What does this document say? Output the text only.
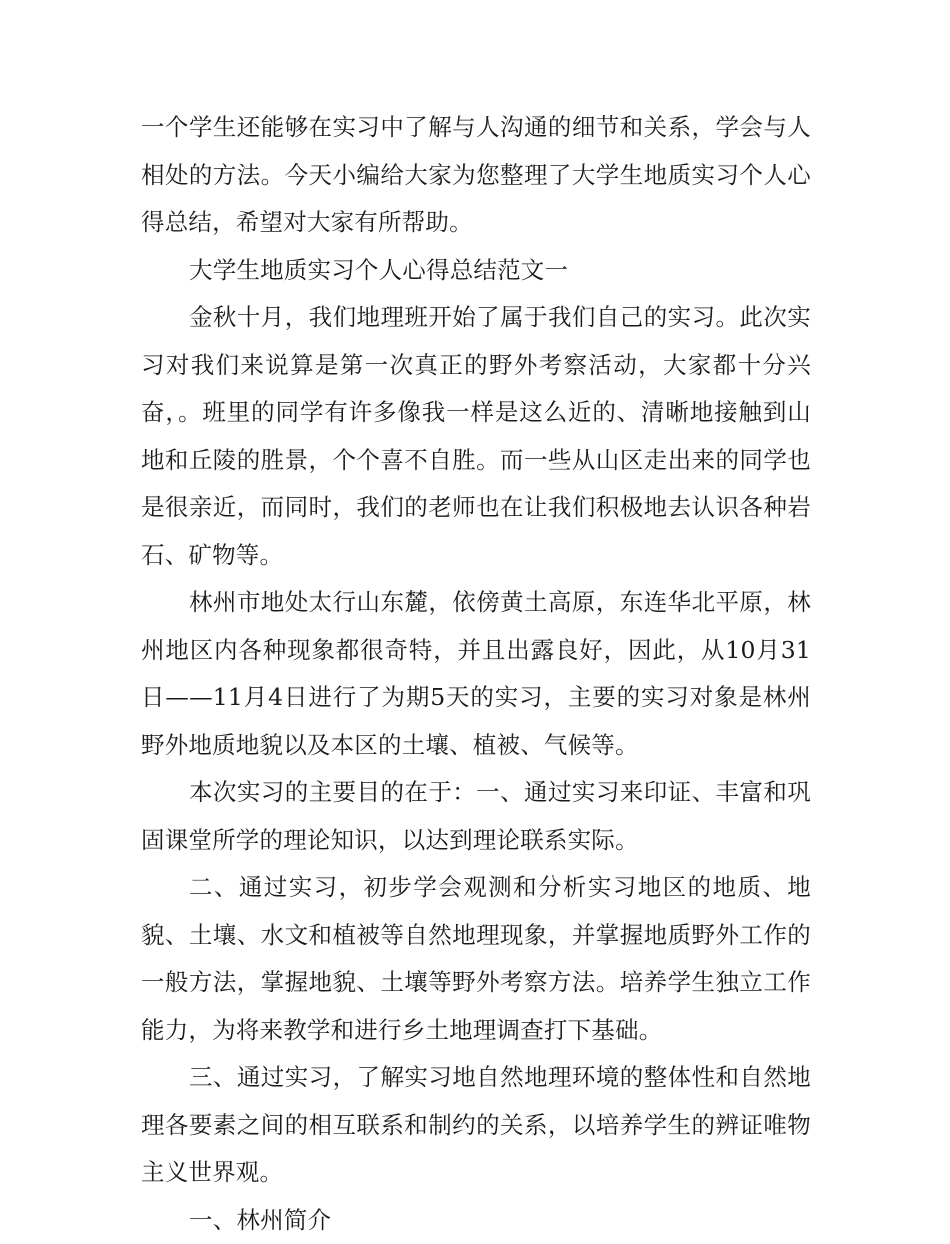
一个学生还能够在实习中了解与人沟通的细节和关系，学会与人相处的方法。今天小编给大家为您整理了大学生地质实习个人心得总结，希望对大家有所帮助。

大学生地质实习个人心得总结范文一

金秋十月，我们地理班开始了属于我们自己的实习。此次实习对我们来说算是第一次真正的野外考察活动，大家都十分兴奋，。班里的同学有许多像我一样是这么近的、清晰地接触到山地和丘陵的胜景，个个喜不自胜。而一些从山区走出来的同学也是很亲近，而同时，我们的老师也在让我们积极地去认识各种岩石、矿物等。

林州市地处太行山东麓，依傍黄土高原，东连华北平原，林州地区内各种现象都很奇特，并且出露良好，因此，从10月31日——11月4日进行了为期5天的实习，主要的实习对象是林州野外地质地貌以及本区的土壤、植被、气候等。

本次实习的主要目的在于：一、通过实习来印证、丰富和巩固课堂所学的理论知识，以达到理论联系实际。

二、通过实习，初步学会观测和分析实习地区的地质、地貌、土壤、水文和植被等自然地理现象，并掌握地质野外工作的一般方法，掌握地貌、土壤等野外考察方法。培养学生独立工作能力，为将来教学和进行乡土地理调查打下基础。

三、通过实习，了解实习地自然地理环境的整体性和自然地理各要素之间的相互联系和制约的关系，以培养学生的辨证唯物主义世界观。

一、林州简介
